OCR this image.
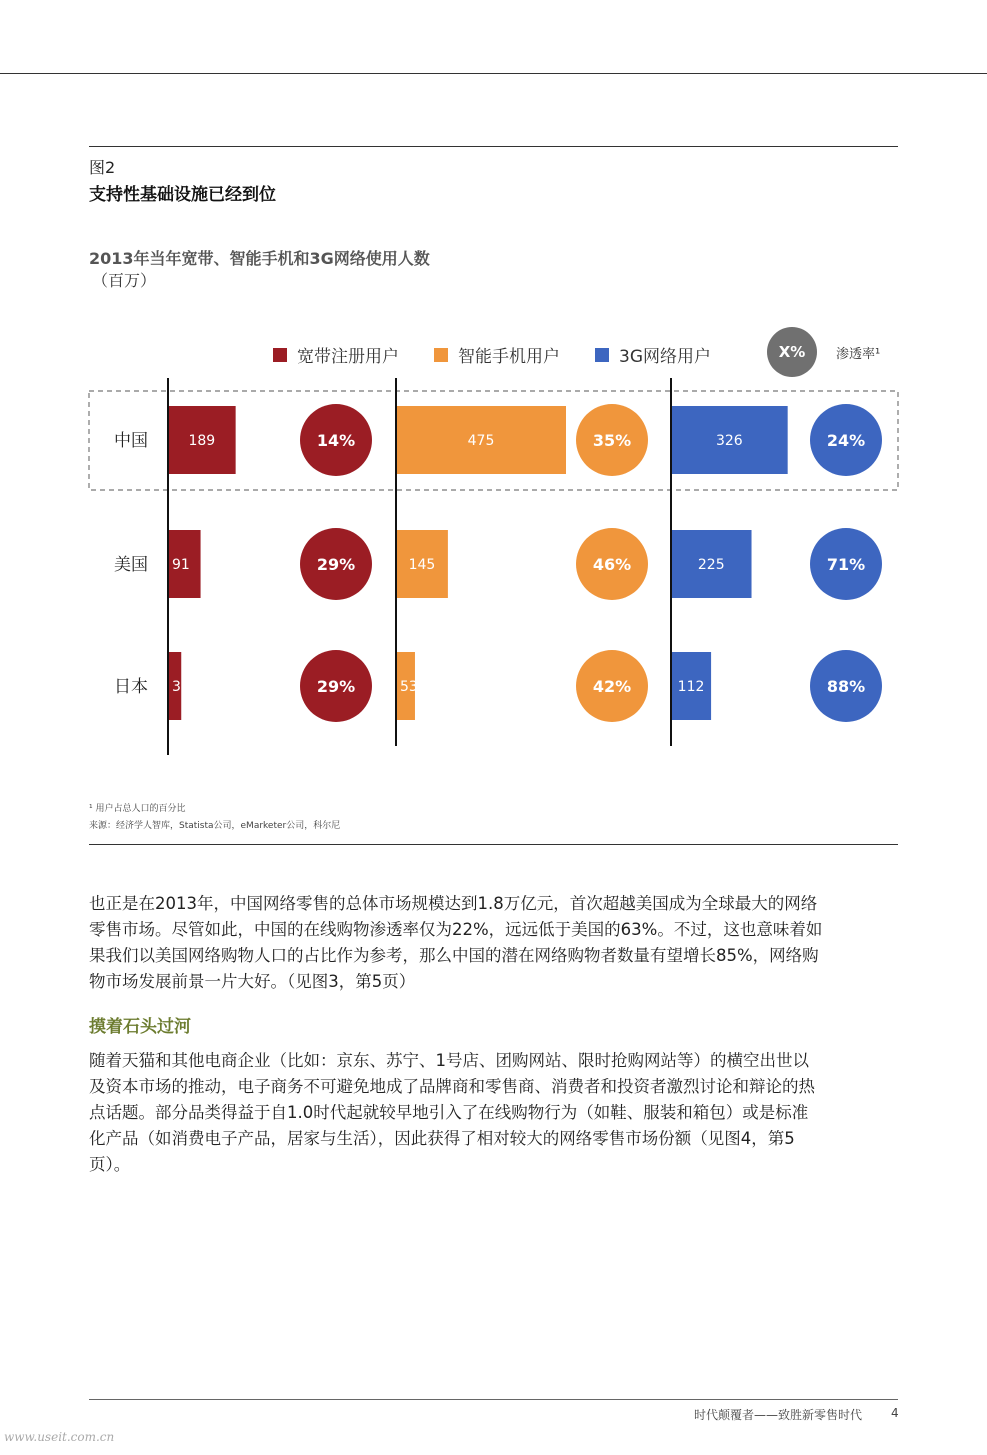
图2
支持性基础设施已经到位
2013年当年宽带、智能手机和3G网络使用人数
（百万）
宽带注册用户	智能手机用户	3G网络用户	X%	渗透率¹
中国	189	14%	475	35%	326	24%
美国 91	29%	145	46%	225	71%
日本 37	29%	53	42%	112	88%
¹ 用户占总人口的百分比
来源：经济学人智库，Statista公司，eMarketer公司，科尔尼
也正是在2013年，中国网络零售的总体市场规模达到1.8万亿元，首次超越美国成为全球最大的网络
零售市场。尽管如此，中国的在线购物渗透率仅为22%，远远低于美国的63%。不过，这也意味着如
果我们以美国网络购物人口的占比作为参考，那么中国的潜在网络购物者数量有望增长85%，网络购
物市场发展前景一片大好。（见图3，第5页）
摸着石头过河
随着天猫和其他电商企业（比如：京东、苏宁、1号店、团购网站、限时抢购网站等）的横空出世以
及资本市场的推动，电子商务不可避免地成了品牌商和零售商、消费者和投资者激烈讨论和辩论的热
点话题。部分品类得益于自1.0时代起就较早地引入了在线购物行为（如鞋、服装和箱包）或是标准
化产品（如消费电子产品，居家与生活），因此获得了相对较大的网络零售市场份额（见图4，第5
页）。
时代颠覆者——致胜新零售时代 4
www.useit.com.cn
